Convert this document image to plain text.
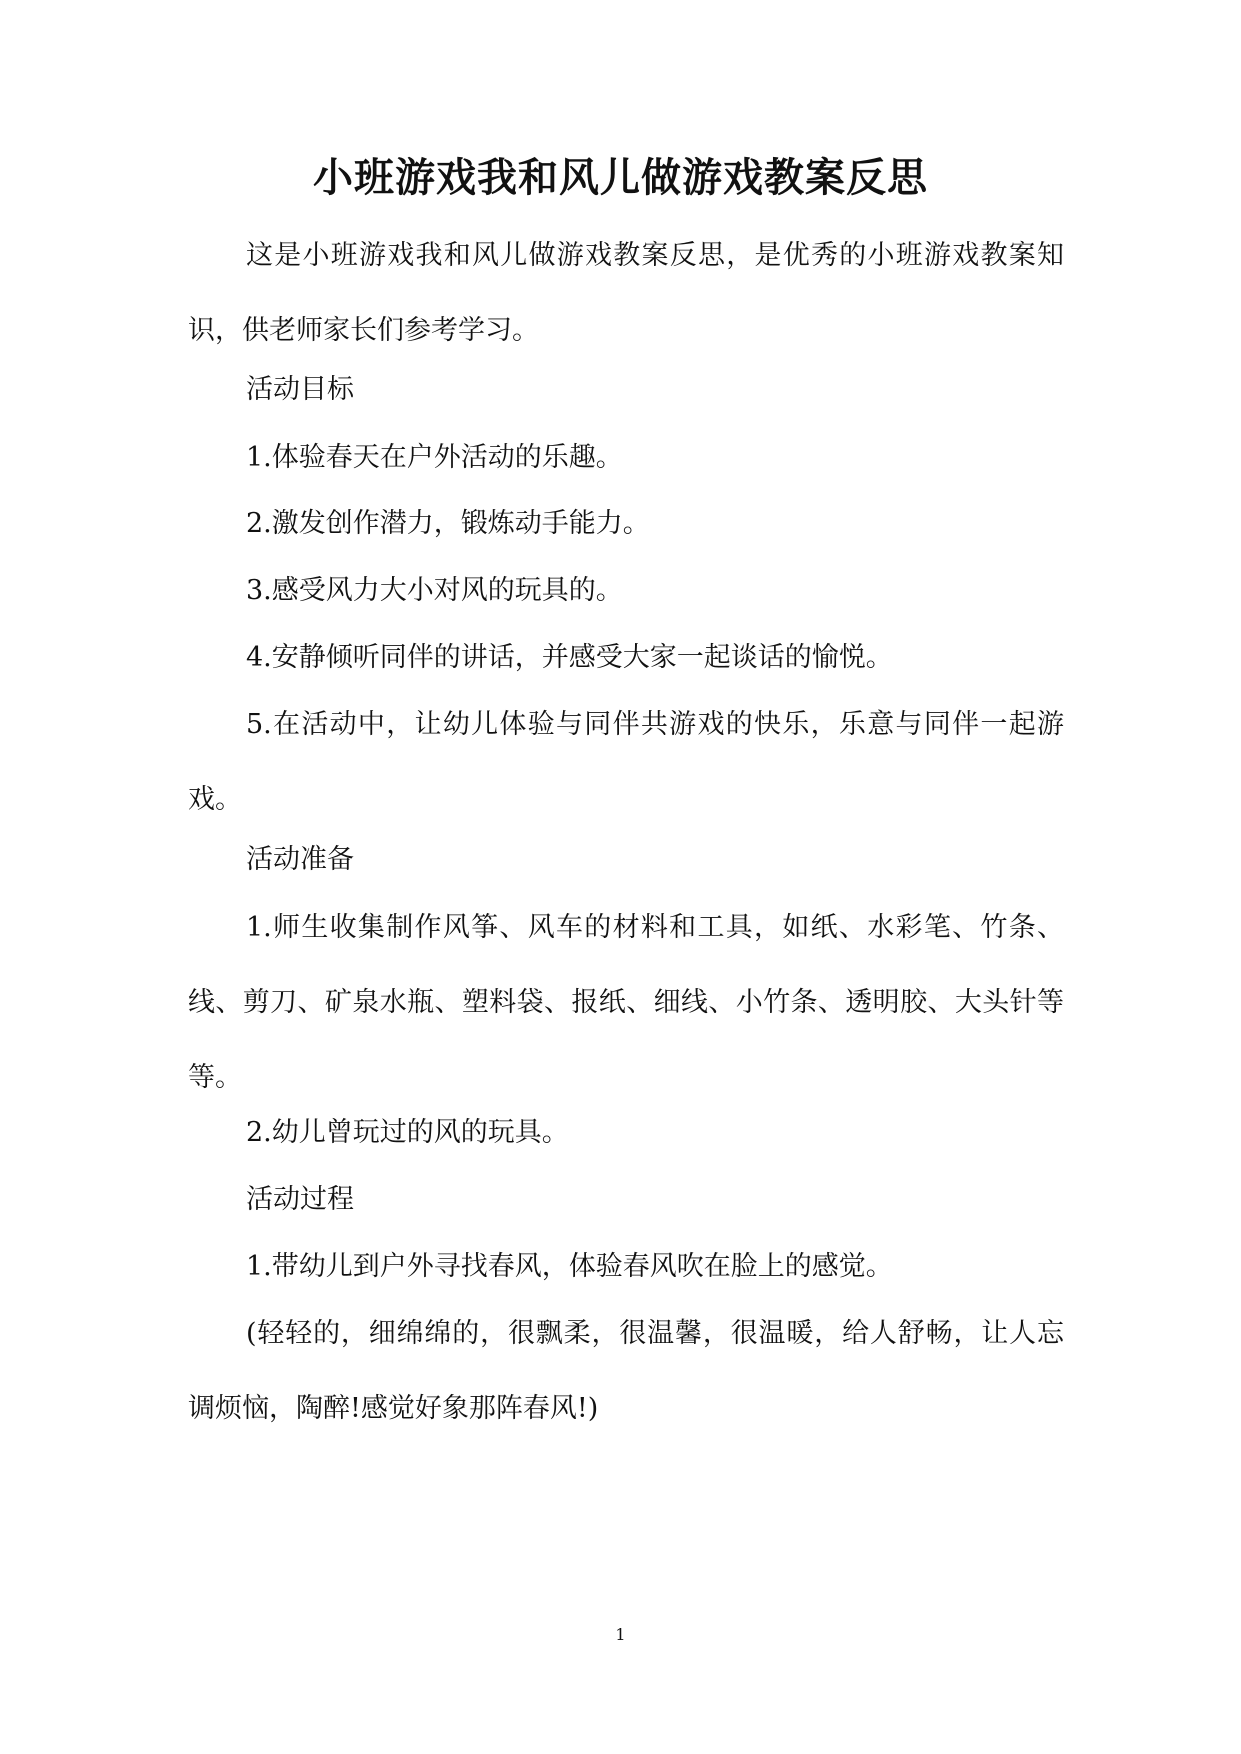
小班游戏我和风儿做游戏教案反思

这是小班游戏我和风儿做游戏教案反思，是优秀的小班游戏教案知识，供老师家长们参考学习。

活动目标

1.体验春天在户外活动的乐趣。

2.激发创作潜力，锻炼动手能力。

3.感受风力大小对风的玩具的。

4.安静倾听同伴的讲话，并感受大家一起谈话的愉悦。

5.在活动中，让幼儿体验与同伴共游戏的快乐，乐意与同伴一起游戏。

活动准备

1.师生收集制作风筝、风车的材料和工具，如纸、水彩笔、竹条、线、剪刀、矿泉水瓶、塑料袋、报纸、细线、小竹条、透明胶、大头针等等。

2.幼儿曾玩过的风的玩具。

活动过程

1.带幼儿到户外寻找春风，体验春风吹在脸上的感觉。

(轻轻的，细绵绵的，很飘柔，很温馨，很温暖，给人舒畅，让人忘调烦恼，陶醉!感觉好象那阵春风!)

1
